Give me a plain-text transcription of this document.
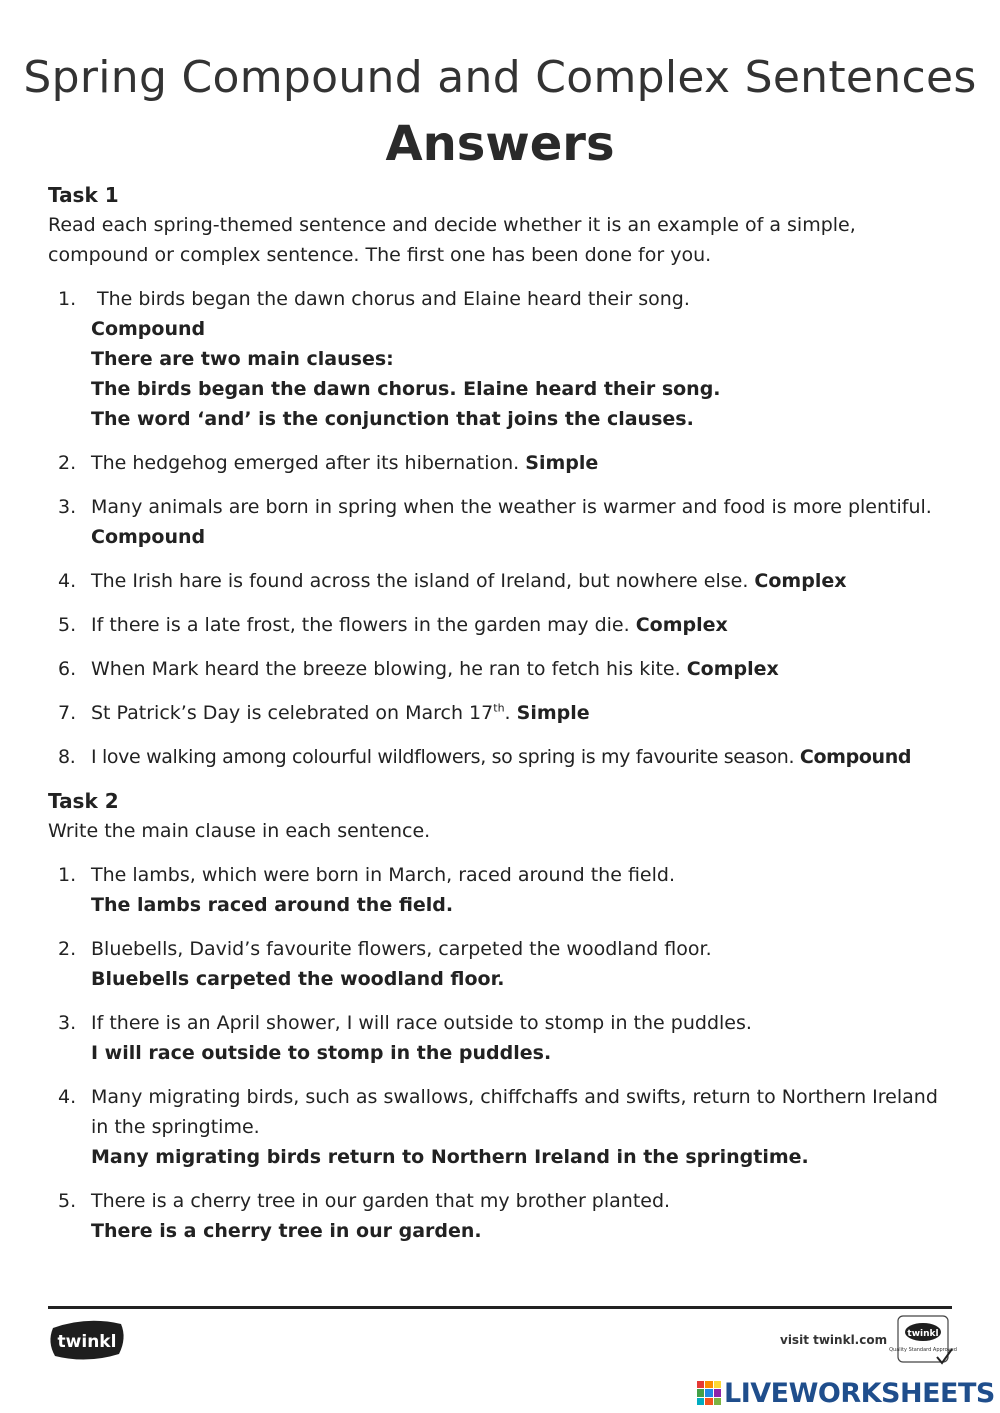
Spring Compound and Complex Sentences
Answers
Task 1

Read each spring-themed sentence and decide whether it is an example of a simple, compound or complex sentence. The first one has been done for you.

1. The birds began the dawn chorus and Elaine heard their song.
Compound
There are two main clauses:
The birds began the dawn chorus. Elaine heard their song.
The word ‘and’ is the conjunction that joins the clauses.
2. The hedgehog emerged after its hibernation. Simple
3. Many animals are born in spring when the weather is warmer and food is more plentiful. Compound
4. The Irish hare is found across the island of Ireland, but nowhere else. Complex
5. If there is a late frost, the flowers in the garden may die. Complex
6. When Mark heard the breeze blowing, he ran to fetch his kite. Complex
7. St Patrick’s Day is celebrated on March 17th. Simple
8. I love walking among colourful wildflowers, so spring is my favourite season. Compound
Task 2

Write the main clause in each sentence.

1. The lambs, which were born in March, raced around the field.
The lambs raced around the field.
2. Bluebells, David’s favourite flowers, carpeted the woodland floor.
Bluebells carpeted the woodland floor.
3. If there is an April shower, I will race outside to stomp in the puddles.
I will race outside to stomp in the puddles.
4. Many migrating birds, such as swallows, chiffchaffs and swifts, return to Northern Ireland in the springtime.
Many migrating birds return to Northern Ireland in the springtime.
5. There is a cherry tree in our garden that my brother planted.
There is a cherry tree in our garden.
twinkl	visit twinkl.com twinkl
Quality Standard Approved
LIVEWORKSHEETS
